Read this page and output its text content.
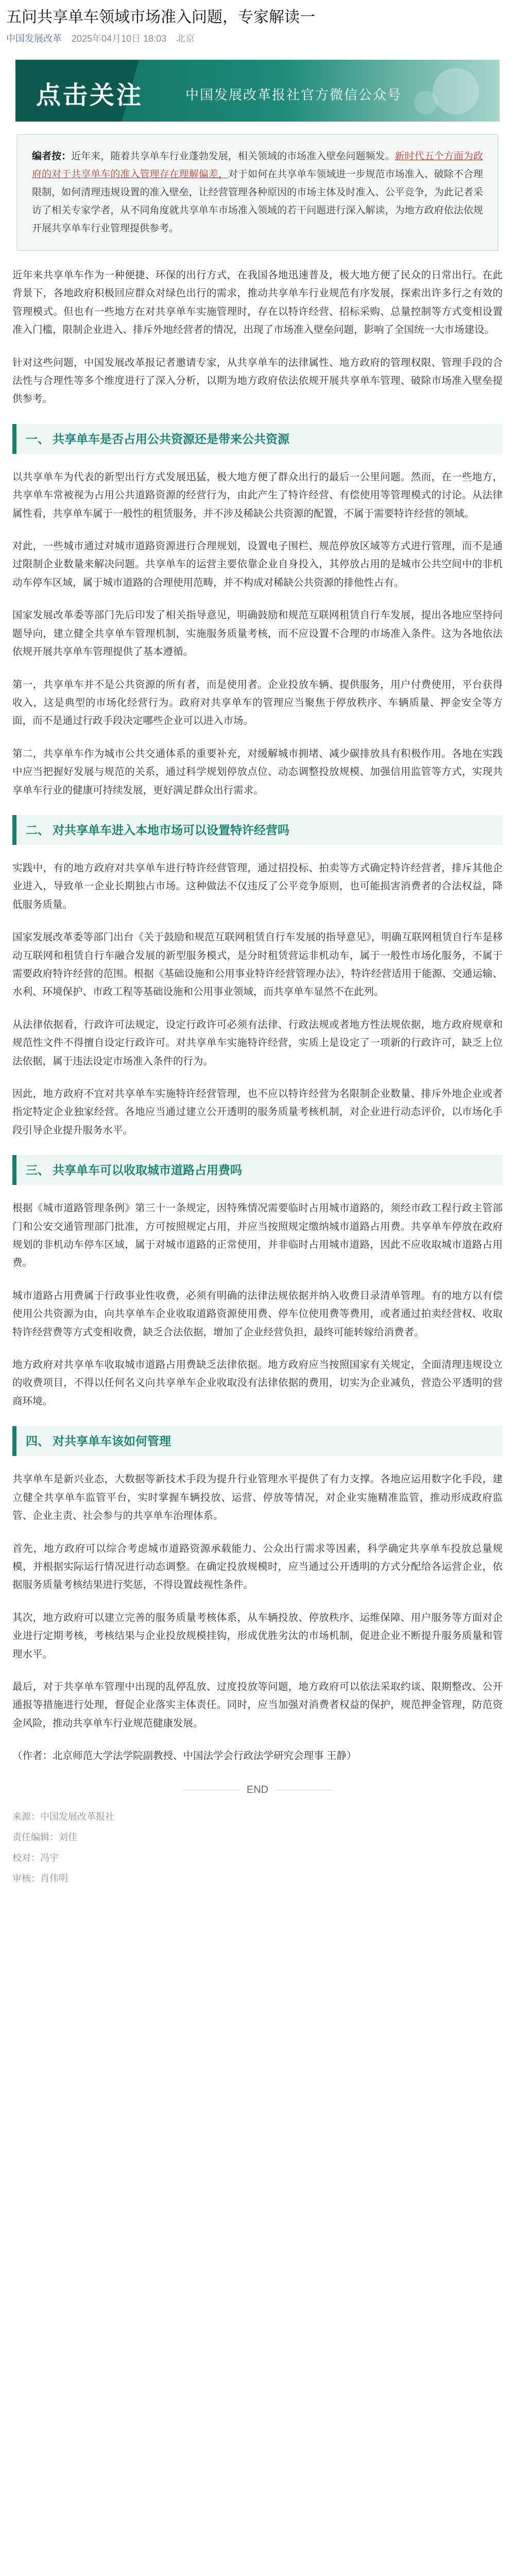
五问共享单车领域市场准入问题，专家解读一
中国发展改革 2025年04月10日 18:03 北京
点击关注	中国发展改革报社官方微信公众号
编者按：近年来，随着共享单车行业蓬勃发展，相关领域的市场准入壁垒问题频发。新时代五个方面为政府的对于共享单车的准入管理存在理解偏差，对于如何在共享单车领域进一步规范市场准入、破除不合理限制，如何清理违规设置的准入壁垒，让经营管理各种原因的市场主体及时准入、公平竞争，为此记者采访了相关专家学者，从不同角度就共享单车市场准入领域的若干问题进行深入解读，为地方政府依法依规开展共享单车行业管理提供参考。

近年来共享单车作为一种便捷、环保的出行方式，在我国各地迅速普及，极大地方便了民众的日常出行。在此背景下，各地政府积极回应群众对绿色出行的需求，推动共享单车行业规范有序发展，探索出许多行之有效的管理模式。但也有一些地方在对共享单车实施管理时，存在以特许经营、招标采购、总量控制等方式变相设置准入门槛，限制企业进入、排斥外地经营者的情况，出现了市场准入壁垒问题，影响了全国统一大市场建设。

针对这些问题，中国发展改革报记者邀请专家，从共享单车的法律属性、地方政府的管理权限、管理手段的合法性与合理性等多个维度进行了深入分析，以期为地方政府依法依规开展共享单车管理、破除市场准入壁垒提供参考。

一、 共享单车是否占用公共资源还是带来公共资源

以共享单车为代表的新型出行方式发展迅猛，极大地方便了群众出行的最后一公里问题。然而，在一些地方，共享单车常被视为占用公共道路资源的经营行为，由此产生了特许经营、有偿使用等管理模式的讨论。从法律属性看，共享单车属于一般性的租赁服务，并不涉及稀缺公共资源的配置，不属于需要特许经营的领域。

对此，一些城市通过对城市道路资源进行合理规划，设置电子围栏、规范停放区域等方式进行管理，而不是通过限制企业数量来解决问题。共享单车的运营主要依靠企业自身投入，其停放占用的是城市公共空间中的非机动车停车区域，属于城市道路的合理使用范畴，并不构成对稀缺公共资源的排他性占有。

国家发展改革委等部门先后印发了相关指导意见，明确鼓励和规范互联网租赁自行车发展，提出各地应坚持问题导向，建立健全共享单车管理机制，实施服务质量考核，而不应设置不合理的市场准入条件。这为各地依法依规开展共享单车管理提供了基本遵循。

第一，共享单车并不是公共资源的所有者，而是使用者。企业投放车辆、提供服务，用户付费使用，平台获得收入，这是典型的市场化经营行为。政府对共享单车的管理应当聚焦于停放秩序、车辆质量、押金安全等方面，而不是通过行政手段决定哪些企业可以进入市场。

第二，共享单车作为城市公共交通体系的重要补充，对缓解城市拥堵、减少碳排放具有积极作用。各地在实践中应当把握好发展与规范的关系，通过科学规划停放点位、动态调整投放规模、加强信用监管等方式，实现共享单车行业的健康可持续发展，更好满足群众出行需求。

二、 对共享单车进入本地市场可以设置特许经营吗

实践中，有的地方政府对共享单车进行特许经营管理，通过招投标、拍卖等方式确定特许经营者，排斥其他企业进入，导致单一企业长期独占市场。这种做法不仅违反了公平竞争原则，也可能损害消费者的合法权益，降低服务质量。

国家发展改革委等部门出台《关于鼓励和规范互联网租赁自行车发展的指导意见》，明确互联网租赁自行车是移动互联网和租赁自行车融合发展的新型服务模式，是分时租赁营运非机动车，属于一般性市场化服务，不属于需要政府特许经营的范围。根据《基础设施和公用事业特许经营管理办法》，特许经营适用于能源、交通运输、水利、环境保护、市政工程等基础设施和公用事业领域，而共享单车显然不在此列。

从法律依据看，行政许可法规定，设定行政许可必须有法律、行政法规或者地方性法规依据，地方政府规章和规范性文件不得擅自设定行政许可。对共享单车实施特许经营，实质上是设定了一项新的行政许可，缺乏上位法依据，属于违法设定市场准入条件的行为。

因此，地方政府不宜对共享单车实施特许经营管理，也不应以特许经营为名限制企业数量、排斥外地企业或者指定特定企业独家经营。各地应当通过建立公开透明的服务质量考核机制，对企业进行动态评价，以市场化手段引导企业提升服务水平。

三、 共享单车可以收取城市道路占用费吗

根据《城市道路管理条例》第三十一条规定，因特殊情况需要临时占用城市道路的，须经市政工程行政主管部门和公安交通管理部门批准，方可按照规定占用，并应当按照规定缴纳城市道路占用费。共享单车停放在政府规划的非机动车停车区域，属于对城市道路的正常使用，并非临时占用城市道路，因此不应收取城市道路占用费。

城市道路占用费属于行政事业性收费，必须有明确的法律法规依据并纳入收费目录清单管理。有的地方以有偿使用公共资源为由，向共享单车企业收取道路资源使用费、停车位使用费等费用，或者通过拍卖经营权、收取特许经营费等方式变相收费，缺乏合法依据，增加了企业经营负担，最终可能转嫁给消费者。

地方政府对共享单车收取城市道路占用费缺乏法律依据。地方政府应当按照国家有关规定，全面清理违规设立的收费项目，不得以任何名义向共享单车企业收取没有法律依据的费用，切实为企业减负，营造公平透明的营商环境。

四、 对共享单车该如何管理

共享单车是新兴业态，大数据等新技术手段为提升行业管理水平提供了有力支撑。各地应运用数字化手段，建立健全共享单车监管平台，实时掌握车辆投放、运营、停放等情况，对企业实施精准监管，推动形成政府监管、企业主责、社会参与的共享单车治理体系。

首先，地方政府可以综合考虑城市道路资源承载能力、公众出行需求等因素，科学确定共享单车投放总量规模，并根据实际运行情况进行动态调整。在确定投放规模时，应当通过公开透明的方式分配给各运营企业，依据服务质量考核结果进行奖惩，不得设置歧视性条件。

其次，地方政府可以建立完善的服务质量考核体系，从车辆投放、停放秩序、运维保障、用户服务等方面对企业进行定期考核，考核结果与企业投放规模挂钩，形成优胜劣汰的市场机制，促进企业不断提升服务质量和管理水平。

最后，对于共享单车管理中出现的乱停乱放、过度投放等问题，地方政府可以依法采取约谈、限期整改、公开通报等措施进行处理，督促企业落实主体责任。同时，应当加强对消费者权益的保护，规范押金管理，防范资金风险，推动共享单车行业规范健康发展。

（作者：北京师范大学法学院副教授、中国法学会行政法学研究会理事 王静）

END
来源：中国发展改革报社
责任编辑：刘佳
校对：冯宇
审核：肖伟明
